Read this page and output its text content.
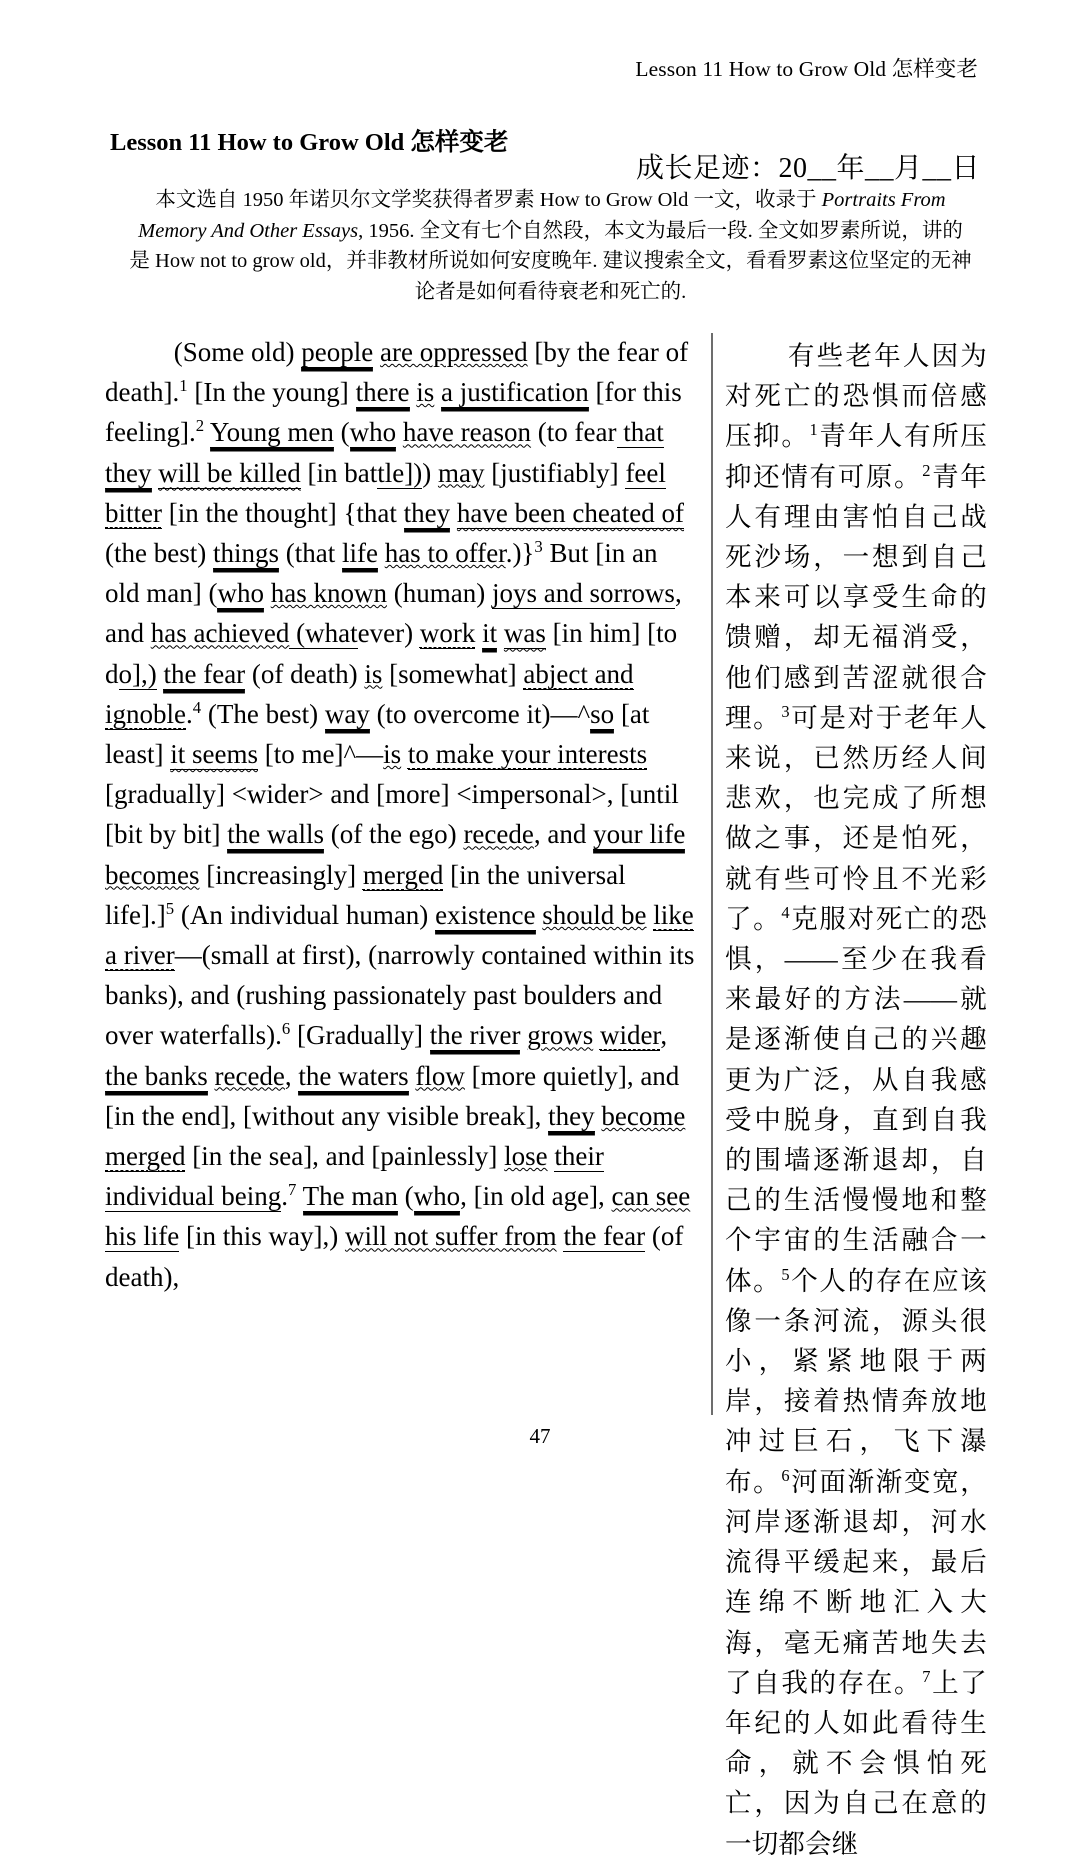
Lesson 11 How to Grow Old 怎样变老
Lesson 11 How to Grow Old 怎样变老
成长足迹：20__年__月__日
本文选自 1950 年诺贝尔文学奖获得者罗素 How to Grow Old 一文，收录于 Portraits From Memory And Other Essays, 1956. 全文有七个自然段，本文为最后一段. 全文如罗素所说，讲的是 How not to grow old，并非教材所说如何安度晚年. 建议搜索全文，看看罗素这位坚定的无神论者是如何看待衰老和死亡的.
(Some old) people are oppressed [by the fear of death].$^1$ [In the young] there is a justification [for this feeling].$^2$ Young men (who have reason (to fear that they will be killed [in battle])) may [justifiably] feel bitter [in the thought] {that they have been cheated of (the best) things (that life has to offer.)}$^3$ But [in an old man] (who has known (human) joys and sorrows, and has achieved (whatever) work it was [in him] [to do],) the fear (of death) is [somewhat] abject and ignoble.$^4$ (The best) way (to overcome it)—^so [at least] it seems [to me]^—is to make your interests [gradually] <wider> and [more] <impersonal>, [until [bit by bit] the walls (of the ego) recede, and your life becomes [increasingly] merged [in the universal life].]$^5$ (An individual human) existence should be like a river—(small at first), (narrowly contained within its banks), and (rushing passionately past boulders and over waterfalls).$^6$ [Gradually] the river grows wider, the banks recede, the waters flow [more quietly], and [in the end], [without any visible break], they become merged [in the sea], and [painlessly] lose their individual being.$^7$ The man (who, [in old age], can see his life [in this way],) will not suffer from the fear (of death),
有些老年人因为对死亡的恐惧而倍感压抑。$^1$青年人有所压抑还情有可原。$^2$青年人有理由害怕自己战死沙场，一想到自己本来可以享受生命的馈赠，却无福消受，他们感到苦涩就很合理。$^3$可是对于老年人来说，已然历经人间悲欢，也完成了所想做之事，还是怕死，就有些可怜且不光彩了。$^4$克服对死亡的恐惧，——至少在我看来最好的方法——就是逐渐使自己的兴趣更为广泛，从自我感受中脱身，直到自我的围墙逐渐退却，自己的生活慢慢地和整个宇宙的生活融合一体。$^5$个人的存在应该像一条河流，源头很小，紧紧地限于两岸，接着热情奔放地冲过巨石，飞下瀑布。$^6$河面渐渐变宽，河岸逐渐退却，河水流得平缓起来，最后连绵不断地汇入大海，毫无痛苦地失去了自我的存在。$^7$上了年纪的人如此看待生命，就不会惧怕死亡，因为自己在意的一切都会继
47
